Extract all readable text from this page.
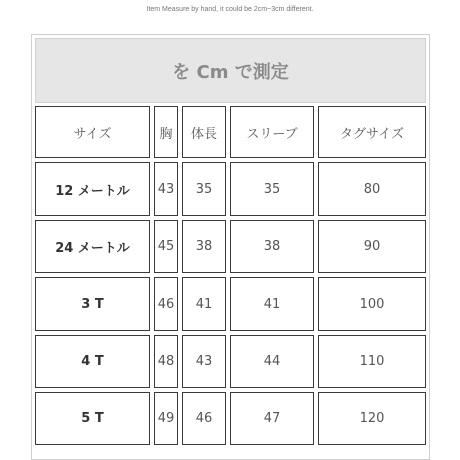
Item Measure by hand, it could be 2cm~3cm different.
を Cm で測定
サイズ	胸	体長	スリーブ	タグサイズ
12 メートル	43	35	35	80
24 メートル	45	38	38	90
3 T	46	41	41	100
4 T	48	43	44	110
5 T	49	46	47	120
